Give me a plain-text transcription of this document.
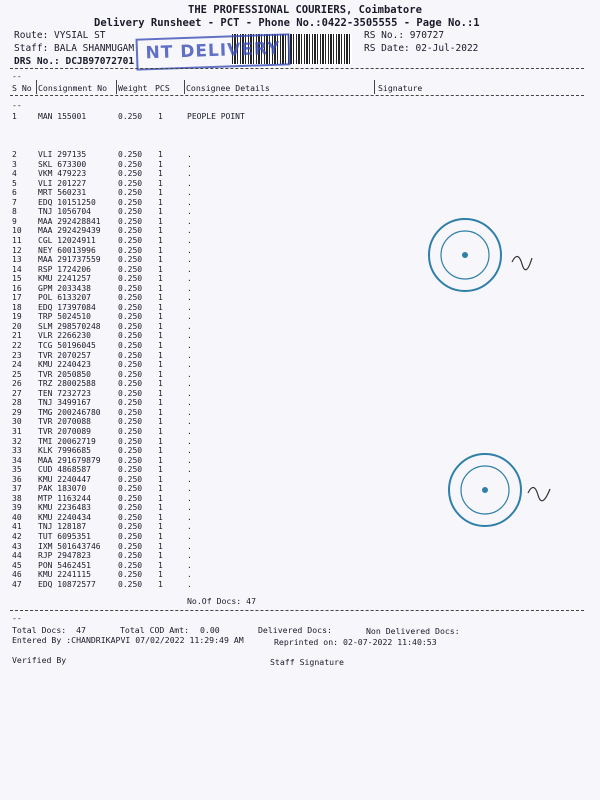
THE PROFESSIONAL COURIERS, Coimbatore
Delivery Runsheet - PCT - Phone No.:0422-3505555 - Page No.:1
Route: VYSIAL ST
Staff: BALA SHANMUGAM
DRS No.: DCJB97072701
RS No.: 970727
RS Date: 02-Jul-2022
NT DELIVERY
--
S No Consignment No Weight PCS Consignee Details	Signature
--
1	MAN 155001	0.250 1	PEOPLE POINT
2	VLI 297135	0.250 1	.
3	SKL 673300	0.250 1	.
4	VKM 479223	0.250 1	.
5	VLI 201227	0.250 1	.
6	MRT 560231	0.250 1	.
7	EDQ 10151250	0.250 1	.
8	TNJ 1056704	0.250 1	.
9	MAA 292428841 0.250 1	.
10 MAA 292429439 0.250 1	.
11 CGL 12024911	0.250 1	.
12 NEY 60013996	0.250 1	.
13 MAA 291737559 0.250 1	.
14 RSP 1724206	0.250 1	.
15 KMU 2241257	0.250 1	.
16 GPM 2033438	0.250 1	.
17 POL 6133207	0.250 1	.
18 EDQ 17397084	0.250 1	.
19 TRP 5024510	0.250 1	.
20 SLM 298570248 0.250 1	.
21 VLR 2266230	0.250 1	.
22 TCG 50196045	0.250 1	.
23 TVR 2070257	0.250 1	.
24 KMU 2240423	0.250 1	.
25 TVR 2050850	0.250 1	.
26 TRZ 28002588	0.250 1	.
27 TEN 7232723	0.250 1	.
28 TNJ 3499167	0.250 1	.
29 TMG 200246780 0.250 1	.
30 TVR 2070088	0.250 1	.
31 TVR 2070089	0.250 1	.
32 TMI 20062719	0.250 1	.
33 KLK 7996685	0.250 1	.
34 MAA 291679879 0.250 1	.
35 CUD 4868587	0.250 1	.
36 KMU 2240447	0.250 1	.
37 PAK 183070	0.250 1	.
38 MTP 1163244	0.250 1	.
39 KMU 2236483	0.250 1	.
40 KMU 2240434	0.250 1	.
41 TNJ 128187	0.250 1	.
42 TUT 6095351	0.250 1	.
43 IXM 501643746 0.250 1	.
44 RJP 2947823	0.250 1	.
45 PON 5462451	0.250 1	.
46 KMU 2241115	0.250 1	.
47 EDQ 10872577	0.250 1	.
No.Of Docs: 47
--
Total Docs:  47	Total COD Amt: 0.00	Delivered Docs:	Non Delivered Docs:
Entered By :CHANDRIKAPVI 07/02/2022 11:29:49 AM	Reprinted on: 02-07-2022 11:40:53
Verified By	Staff Signature
